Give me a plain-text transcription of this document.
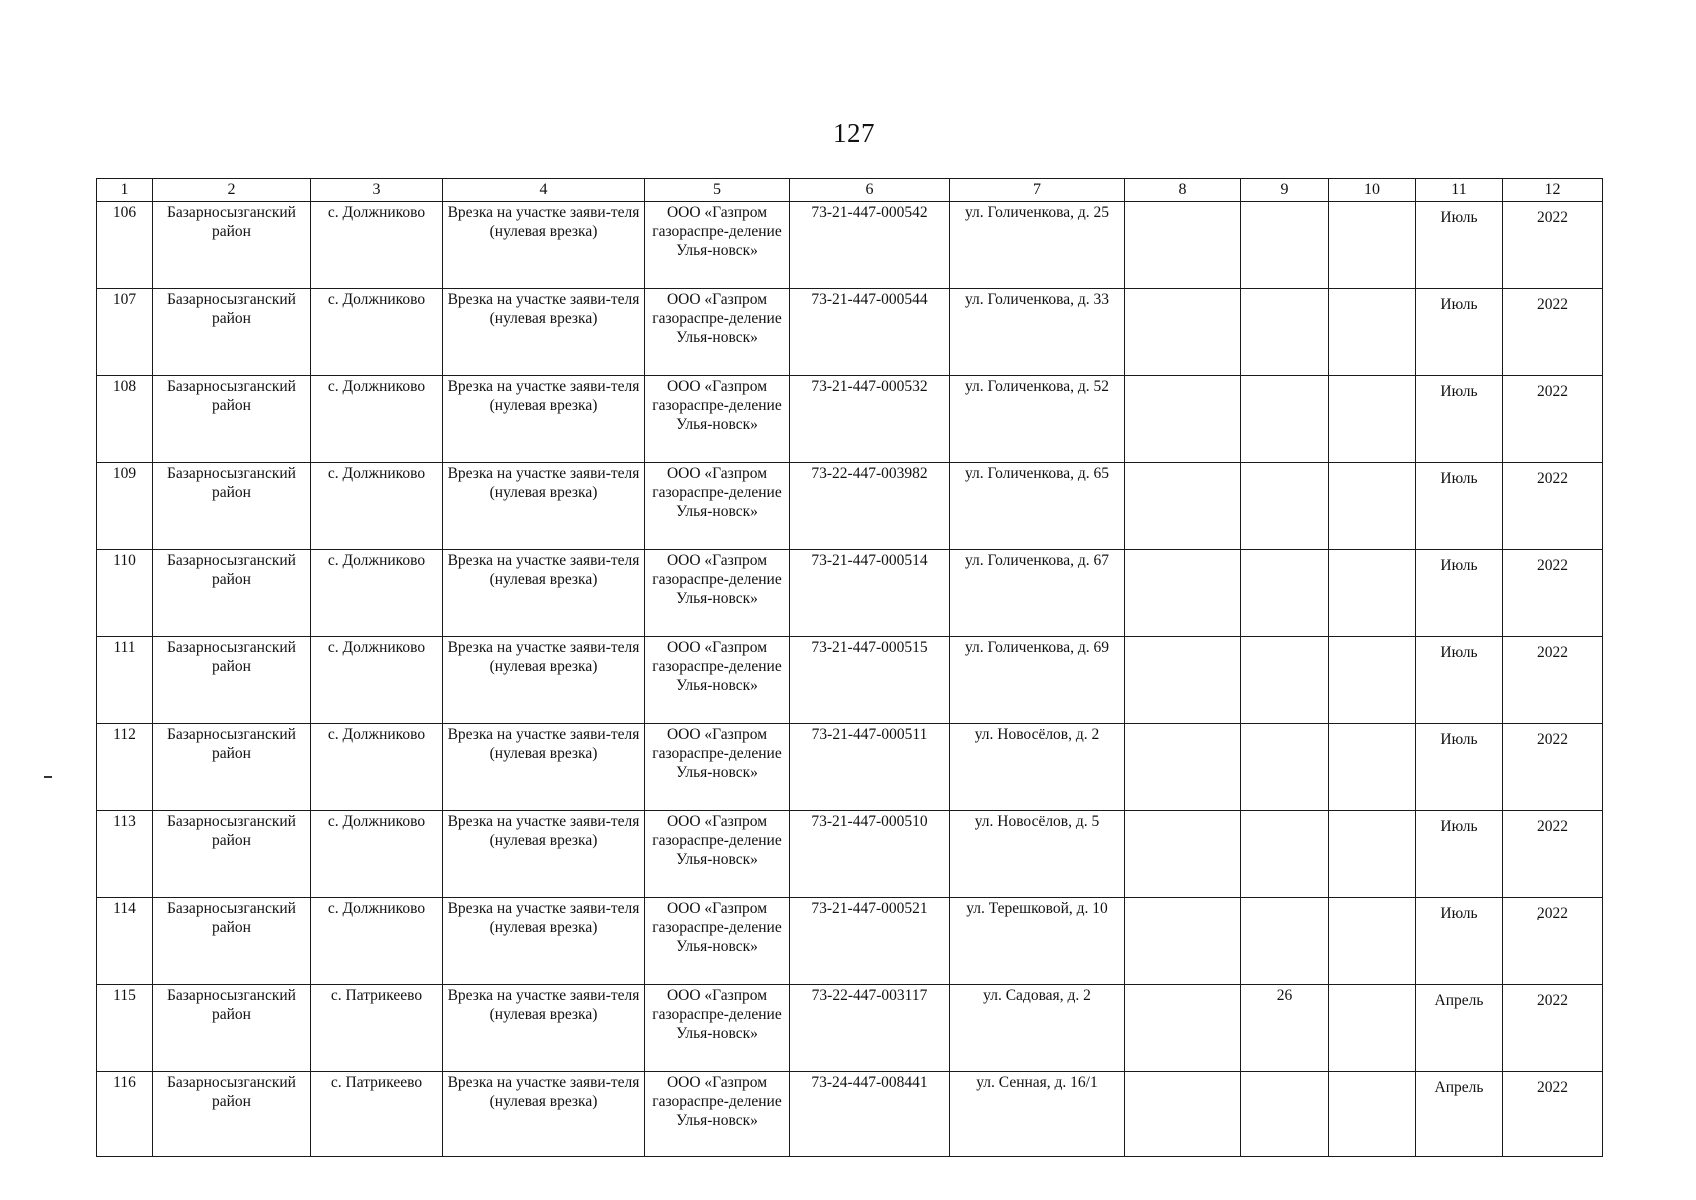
127
1	2	3	4	5	6	7	8	9	10	11	12
106	Базарносызганский район	с. Должниково	Врезка на участке заяви-теля (нулевая врезка)	ООО «Газпром газораспре-деление Улья-новск»	73-21-447-000542	ул. Голиченкова, д. 25				Июль	2022
107	Базарносызганский район	с. Должниково	Врезка на участке заяви-теля (нулевая врезка)	ООО «Газпром газораспре-деление Улья-новск»	73-21-447-000544	ул. Голиченкова, д. 33				Июль	2022
108	Базарносызганский район	с. Должниково	Врезка на участке заяви-теля (нулевая врезка)	ООО «Газпром газораспре-деление Улья-новск»	73-21-447-000532	ул. Голиченкова, д. 52				Июль	2022
109	Базарносызганский район	с. Должниково	Врезка на участке заяви-теля (нулевая врезка)	ООО «Газпром газораспре-деление Улья-новск»	73-22-447-003982	ул. Голиченкова, д. 65				Июль	2022
110	Базарносызганский район	с. Должниково	Врезка на участке заяви-теля (нулевая врезка)	ООО «Газпром газораспре-деление Улья-новск»	73-21-447-000514	ул. Голиченкова, д. 67				Июль	2022
111	Базарносызганский район	с. Должниково	Врезка на участке заяви-теля (нулевая врезка)	ООО «Газпром газораспре-деление Улья-новск»	73-21-447-000515	ул. Голиченкова, д. 69				Июль	2022
112	Базарносызганский район	с. Должниково	Врезка на участке заяви-теля (нулевая врезка)	ООО «Газпром газораспре-деление Улья-новск»	73-21-447-000511	ул. Новосёлов, д. 2				Июль	2022
113	Базарносызганский район	с. Должниково	Врезка на участке заяви-теля (нулевая врезка)	ООО «Газпром газораспре-деление Улья-новск»	73-21-447-000510	ул. Новосёлов, д. 5				Июль	2022
114	Базарносызганский район	с. Должниково	Врезка на участке заяви-теля (нулевая врезка)	ООО «Газпром газораспре-деление Улья-новск»	73-21-447-000521	ул. Терешковой, д. 10				Июль	2022
115	Базарносызганский район	с. Патрикеево	Врезка на участке заяви-теля (нулевая врезка)	ООО «Газпром газораспре-деление Улья-новск»	73-22-447-003117	ул. Садовая, д. 2		26		Апрель	2022
116	Базарносызганский район	с. Патрикеево	Врезка на участке заяви-теля (нулевая врезка)	ООО «Газпром газораспре-деление Улья-новск»	73-24-447-008441	ул. Сенная, д. 16/1				Апрель	2022
